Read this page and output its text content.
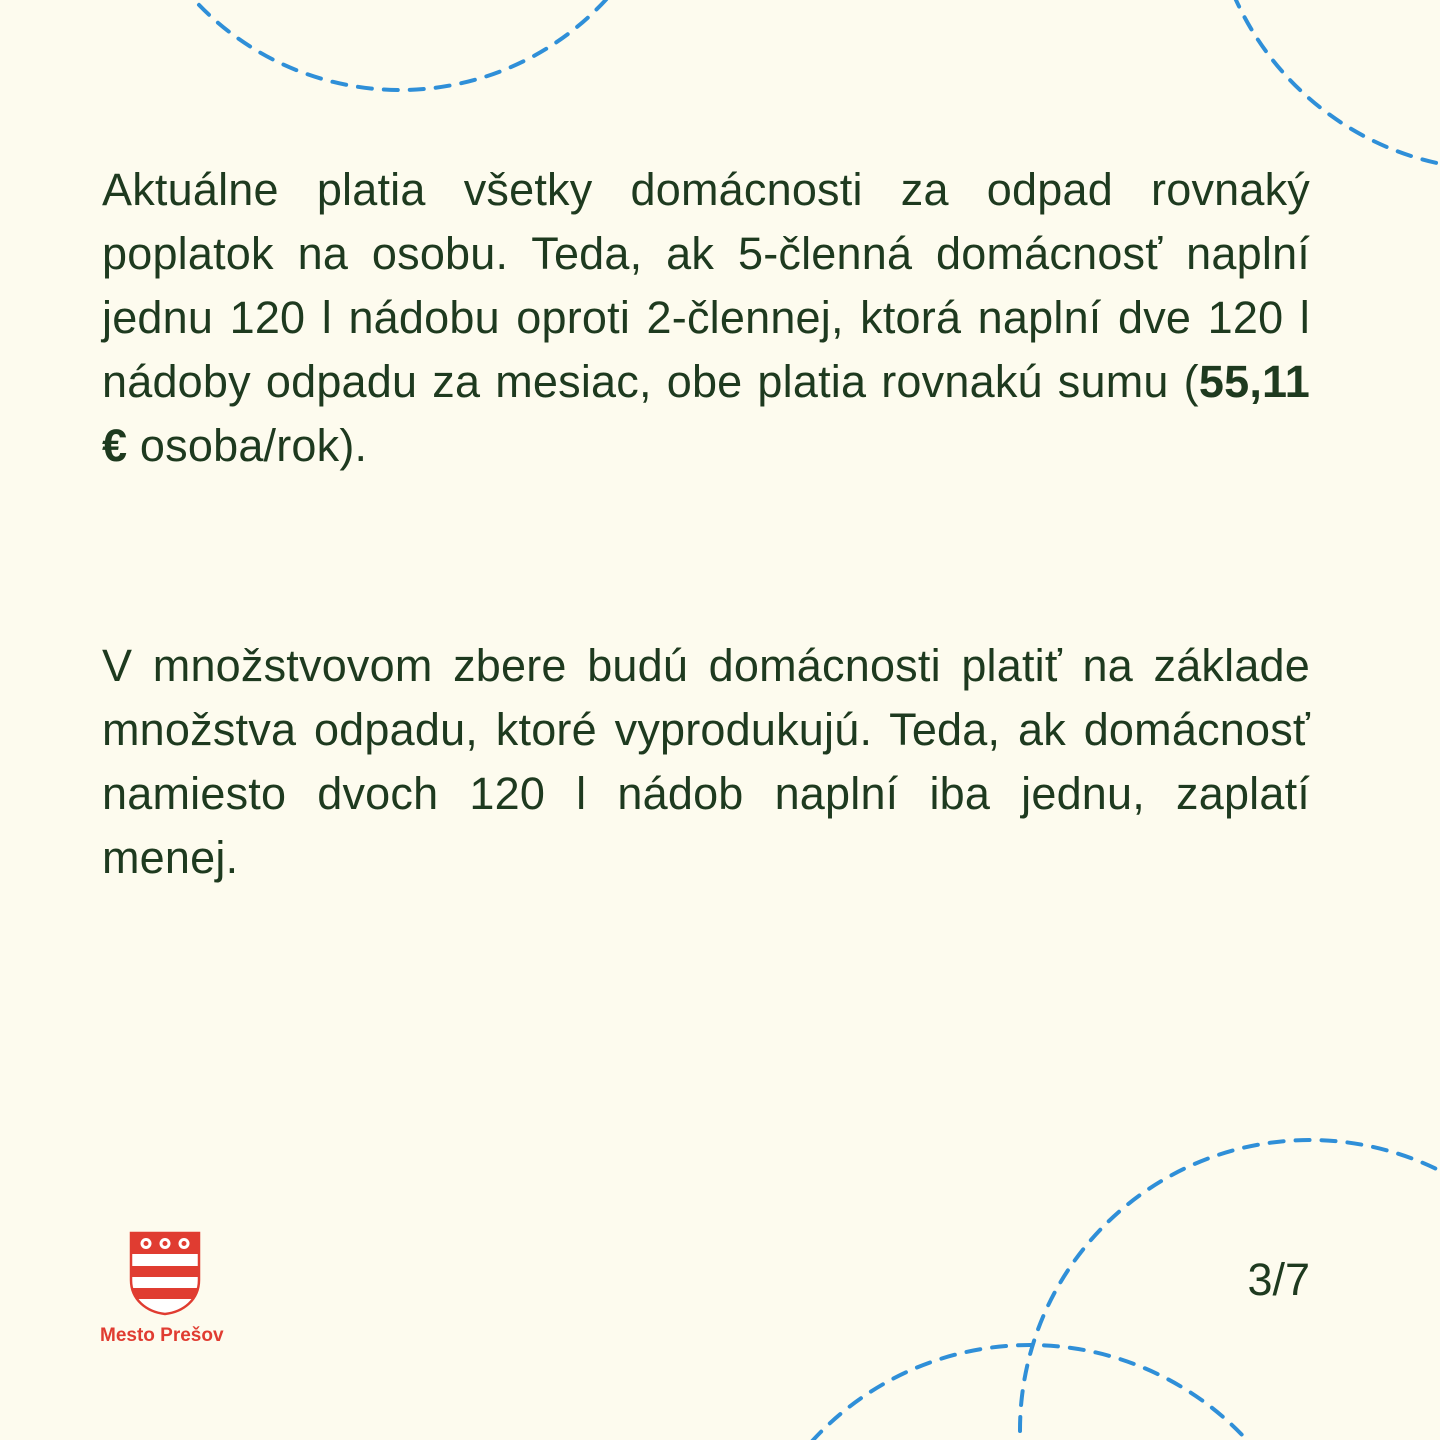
Aktuálne platia všetky domácnosti za odpad rovnaký poplatok na osobu. Teda, ak 5-členná domácnosť naplní jednu 120 l nádobu oproti 2-člennej, ktorá naplní dve 120 l nádoby odpadu za mesiac, obe platia rovnakú sumu (55,11 € osoba/rok).

V množstvovom zbere budú domácnosti platiť na základe množstva odpadu, ktoré vyprodukujú. Teda, ak domácnosť namiesto dvoch 120 l nádob naplní iba jednu, zaplatí menej.

3/7
Mesto Prešov
